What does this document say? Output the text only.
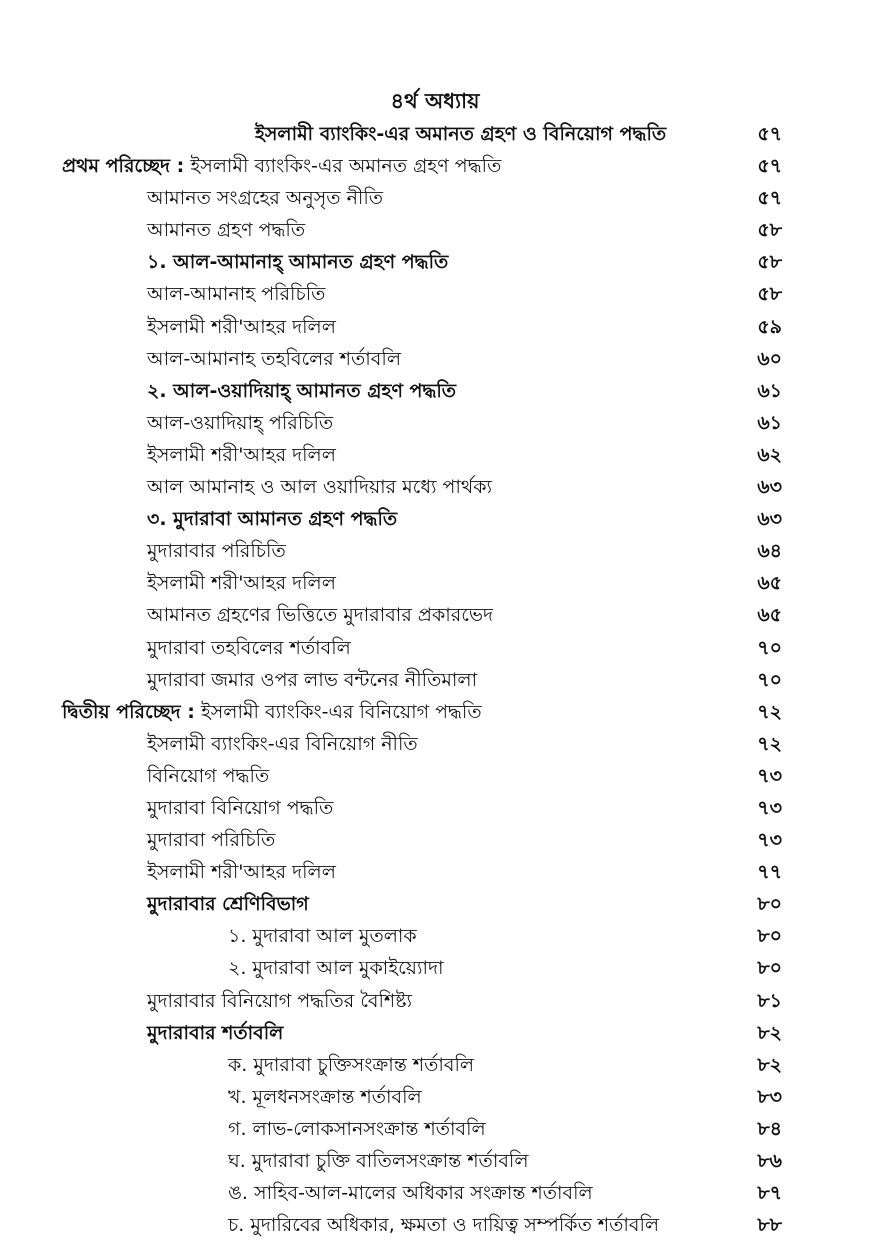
৪র্থ অধ্যায়
ইসলামী ব্যাংকিং-এর অমানত গ্রহণ ও বিনিয়োগ পদ্ধতি	৫৭
প্রথম পরিচ্ছেদ : ইসলামী ব্যাংকিং-এর অমানত গ্রহণ পদ্ধতি	৫৭
আমানত সংগ্রহের অনুসৃত নীতি	৫৭
আমানত গ্রহণ পদ্ধতি	৫৮
১. আল-আমানাহ্ আমানত গ্রহণ পদ্ধতি	৫৮
আল-আমানাহ পরিচিতি	৫৮
ইসলামী শরী'আহর দলিল	৫৯
আল-আমানাহ তহবিলের শর্তাবলি	৬০
২. আল-ওয়াদিয়াহ্ আমানত গ্রহণ পদ্ধতি	৬১
আল-ওয়াদিয়াহ্ পরিচিতি	৬১
ইসলামী শরী'আহর দলিল	৬২
আল আমানাহ ও আল ওয়াদিয়ার মধ্যে পার্থক্য	৬৩
৩. মুদারাবা আমানত গ্রহণ পদ্ধতি	৬৩
মুদারাবার পরিচিতি	৬৪
ইসলামী শরী'আহর দলিল	৬৫
আমানত গ্রহণের ভিত্তিতে মুদারাবার প্রকারভেদ	৬৫
মুদারাবা তহবিলের শর্তাবলি	৭০
মুদারাবা জমার ওপর লাভ বন্টনের নীতিমালা	৭০
দ্বিতীয় পরিচ্ছেদ : ইসলামী ব্যাংকিং-এর বিনিয়োগ পদ্ধতি	৭২
ইসলামী ব্যাংকিং-এর বিনিয়োগ নীতি	৭২
বিনিয়োগ পদ্ধতি	৭৩
মুদারাবা বিনিয়োগ পদ্ধতি	৭৩
মুদারাবা পরিচিতি	৭৩
ইসলামী শরী'আহর দলিল	৭৭
মুদারাবার শ্রেণিবিভাগ	৮০
১. মুদারাবা আল মুতলাক	৮০
২. মুদারাবা আল মুকাইয়্যোদা	৮০
মুদারাবার বিনিয়োগ পদ্ধতির বৈশিষ্ট্য	৮১
মুদারাবার শর্তাবলি	৮২
ক. মুদারাবা চুক্তিসংক্রান্ত শর্তাবলি	৮২
খ. মূলধনসংক্রান্ত শর্তাবলি	৮৩
গ. লাভ-লোকসানসংক্রান্ত শর্তাবলি	৮৪
ঘ. মুদারাবা চুক্তি বাতিলসংক্রান্ত শর্তাবলি	৮৬
ঙ. সাহিব-আল-মালের অধিকার সংক্রান্ত শর্তাবলি	৮৭
চ. মুদারিবের অধিকার, ক্ষমতা ও দায়িত্ব সম্পর্কিত শর্তাবলি	৮৮
